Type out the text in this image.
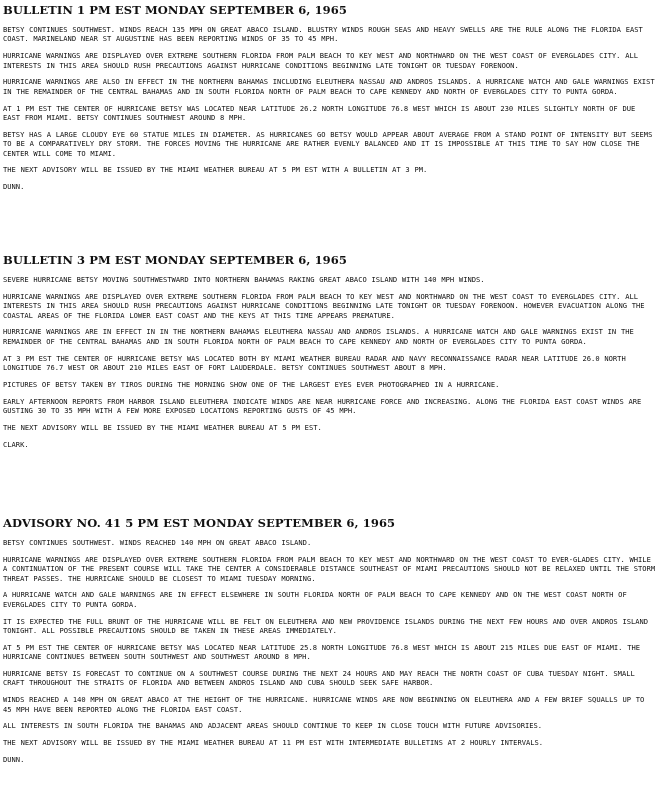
BULLETIN 1 PM EST MONDAY SEPTEMBER 6, 1965

BETSY CONTINUES SOUTHWEST. WINDS REACH 135 MPH ON GREAT ABACO ISLAND. BLUSTRY WINDS ROUGH SEAS AND HEAVY SWELLS ARE THE RULE ALONG THE FLORIDA EAST COAST. MARINELAND NEAR ST AUGUSTINE HAS BEEN REPORTING WINDS OF 35 TO 45 MPH.

HURRICANE WARNINGS ARE DISPLAYED OVER EXTREME SOUTHERN FLORIDA FROM PALM BEACH TO KEY WEST AND NORTHWARD ON THE WEST COAST OF EVERGLADES CITY. ALL INTERESTS IN THIS AREA SHOULD RUSH PRECAUTIONS AGAINST HURRICANE CONDITIONS BEGINNING LATE TONIGHT OR TUESDAY FORENOON.

HURRICANE WARNINGS ARE ALSO IN EFFECT IN THE NORTHERN BAHAMAS INCLUDING ELEUTHERA NASSAU AND ANDROS ISLANDS. A HURRICANE WATCH AND GALE WARNINGS EXIST IN THE REMAINDER OF THE CENTRAL BAHAMAS AND IN SOUTH FLORIDA NORTH OF PALM BEACH TO CAPE KENNEDY AND NORTH OF EVERGLADES CITY TO PUNTA GORDA.

AT 1 PM EST THE CENTER OF HURRICANE BETSY WAS LOCATED NEAR LATITUDE 26.2 NORTH LONGITUDE 76.8 WEST WHICH IS ABOUT 230 MILES SLIGHTLY NORTH OF DUE EAST FROM MIAMI. BETSY CONTINUES SOUTHWEST AROUND 8 MPH.

BETSY HAS A LARGE CLOUDY EYE 60 STATUE MILES IN DIAMETER. AS HURRICANES GO BETSY WOULD APPEAR ABOUT AVERAGE FROM A STAND POINT OF INTENSITY BUT SEEMS TO BE A COMPARATIVELY DRY STORM. THE FORCES MOVING THE HURRICANE ARE RATHER EVENLY BALANCED AND IT IS IMPOSSIBLE AT THIS TIME TO SAY HOW CLOSE THE CENTER WILL COME TO MIAMI.

THE NEXT ADVISORY WILL BE ISSUED BY THE MIAMI WEATHER BUREAU AT 5 PM EST WITH A BULLETIN AT 3 PM.

DUNN.

BULLETIN 3 PM EST MONDAY SEPTEMBER 6, 1965

SEVERE HURRICANE BETSY MOVING SOUTHWESTWARD INTO NORTHERN BAHAMAS RAKING GREAT ABACO ISLAND WITH 140 MPH WINDS.

HURRICANE WARNINGS ARE DISPLAYED OVER EXTREME SOUTHERN FLORIDA FROM PALM BEACH TO KEY WEST AND NORTHWARD ON THE WEST COAST TO EVERGLADES CITY. ALL INTERESTS IN THIS AREA SHOULD RUSH PRECAUTIONS AGAINST HURRICANE CONDITIONS BEGINNING LATE TONIGHT OR TUESDAY FORENOON. HOWEVER EVACUATION ALONG THE COASTAL AREAS OF THE FLORIDA LOWER EAST COAST AND THE KEYS AT THIS TIME APPEARS PREMATURE.

HURRICANE WARNINGS ARE IN EFFECT IN IN THE NORTHERN BAHAMAS ELEUTHERA NASSAU AND ANDROS ISLANDS. A HURRICANE WATCH AND GALE WARNINGS EXIST IN THE REMAINDER OF THE CENTRAL BAHAMAS AND IN SOUTH FLORIDA NORTH OF PALM BEACH TO CAPE KENNEDY AND NORTH OF EVERGLADES CITY TO PUNTA GORDA.

AT 3 PM EST THE CENTER OF HURRICANE BETSY WAS LOCATED BOTH BY MIAMI WEATHER BUREAU RADAR AND NAVY RECONNAISSANCE RADAR NEAR LATITUDE 26.0 NORTH LONGITUDE 76.7 WEST OR ABOUT 210 MILES EAST OF FORT LAUDERDALE. BETSY CONTINUES SOUTHWEST ABOUT 8 MPH.

PICTURES OF BETSY TAKEN BY TIROS DURING THE MORNING SHOW ONE OF THE LARGEST EYES EVER PHOTOGRAPHED IN A HURRICANE.

EARLY AFTERNOON REPORTS FROM HARBOR ISLAND ELEUTHERA INDICATE WINDS ARE NEAR HURRICANE FORCE AND INCREASING. ALONG THE FLORIDA EAST COAST WINDS ARE GUSTING 30 TO 35 MPH WITH A FEW MORE EXPOSED LOCATIONS REPORTING GUSTS OF 45 MPH.

THE NEXT ADVISORY WILL BE ISSUED BY THE MIAMI WEATHER BUREAU AT 5 PM EST.

CLARK.

ADVISORY NO. 41 5 PM EST MONDAY SEPTEMBER 6, 1965

BETSY CONTINUES SOUTHWEST. WINDS REACHED 140 MPH ON GREAT ABACO ISLAND.

HURRICANE WARNINGS ARE DISPLAYED OVER EXTREME SOUTHERN FLORIDA FROM PALM BEACH TO KEY WEST AND NORTHWARD ON THE WEST COAST TO EVER-GLADES CITY. WHILE A CONTINUATION OF THE PRESENT COURSE WILL TAKE THE CENTER A CONSIDERABLE DISTANCE SOUTHEAST OF MIAMI PRECAUTIONS SHOULD NOT BE RELAXED UNTIL THE STORM THREAT PASSES. THE HURRICANE SHOULD BE CLOSEST TO MIAMI TUESDAY MORNING.

A HURRICANE WATCH AND GALE WARNINGS ARE IN EFFECT ELSEWHERE IN SOUTH FLORIDA NORTH OF PALM BEACH TO CAPE KENNEDY AND ON THE WEST COAST NORTH OF EVERGLADES CITY TO PUNTA GORDA.

IT IS EXPECTED THE FULL BRUNT OF THE HURRICANE WILL BE FELT ON ELEUTHERA AND NEW PROVIDENCE ISLANDS DURING THE NEXT FEW HOURS AND OVER ANDROS ISLAND TONIGHT. ALL POSSIBLE PRECAUTIONS SHOULD BE TAKEN IN THESE AREAS IMMEDIATELY.

AT 5 PM EST THE CENTER OF HURRICANE BETSY WAS LOCATED NEAR LATITUDE 25.8 NORTH LONGITUDE 76.8 WEST WHICH IS ABOUT 215 MILES DUE EAST OF MIAMI. THE HURRICANE CONTINUES BETWEEN SOUTH SOUTHWEST AND SOUTHWEST AROUND 8 MPH.

HURRICANE BETSY IS FORECAST TO CONTINUE ON A SOUTHWEST COURSE DURING THE NEXT 24 HOURS AND MAY REACH THE NORTH COAST OF CUBA TUESDAY NIGHT. SMALL CRAFT THROUGHOUT THE STRAITS OF FLORIDA AND BETWEEN ANDROS ISLAND AND CUBA SHOULD SEEK SAFE HARBOR.

WINDS REACHED A 140 MPH ON GREAT ABACO AT THE HEIGHT OF THE HURRICANE. HURRICANE WINDS ARE NOW BEGINNING ON ELEUTHERA AND A FEW BRIEF SQUALLS UP TO 45 MPH HAVE BEEN REPORTED ALONG THE FLORIDA EAST COAST.

ALL INTERESTS IN SOUTH FLORIDA THE BAHAMAS AND ADJACENT AREAS SHOULD CONTINUE TO KEEP IN CLOSE TOUCH WITH FUTURE ADVISORIES.

THE NEXT ADVISORY WILL BE ISSUED BY THE MIAMI WEATHER BUREAU AT 11 PM EST WITH INTERMEDIATE BULLETINS AT 2 HOURLY INTERVALS.

DUNN.
